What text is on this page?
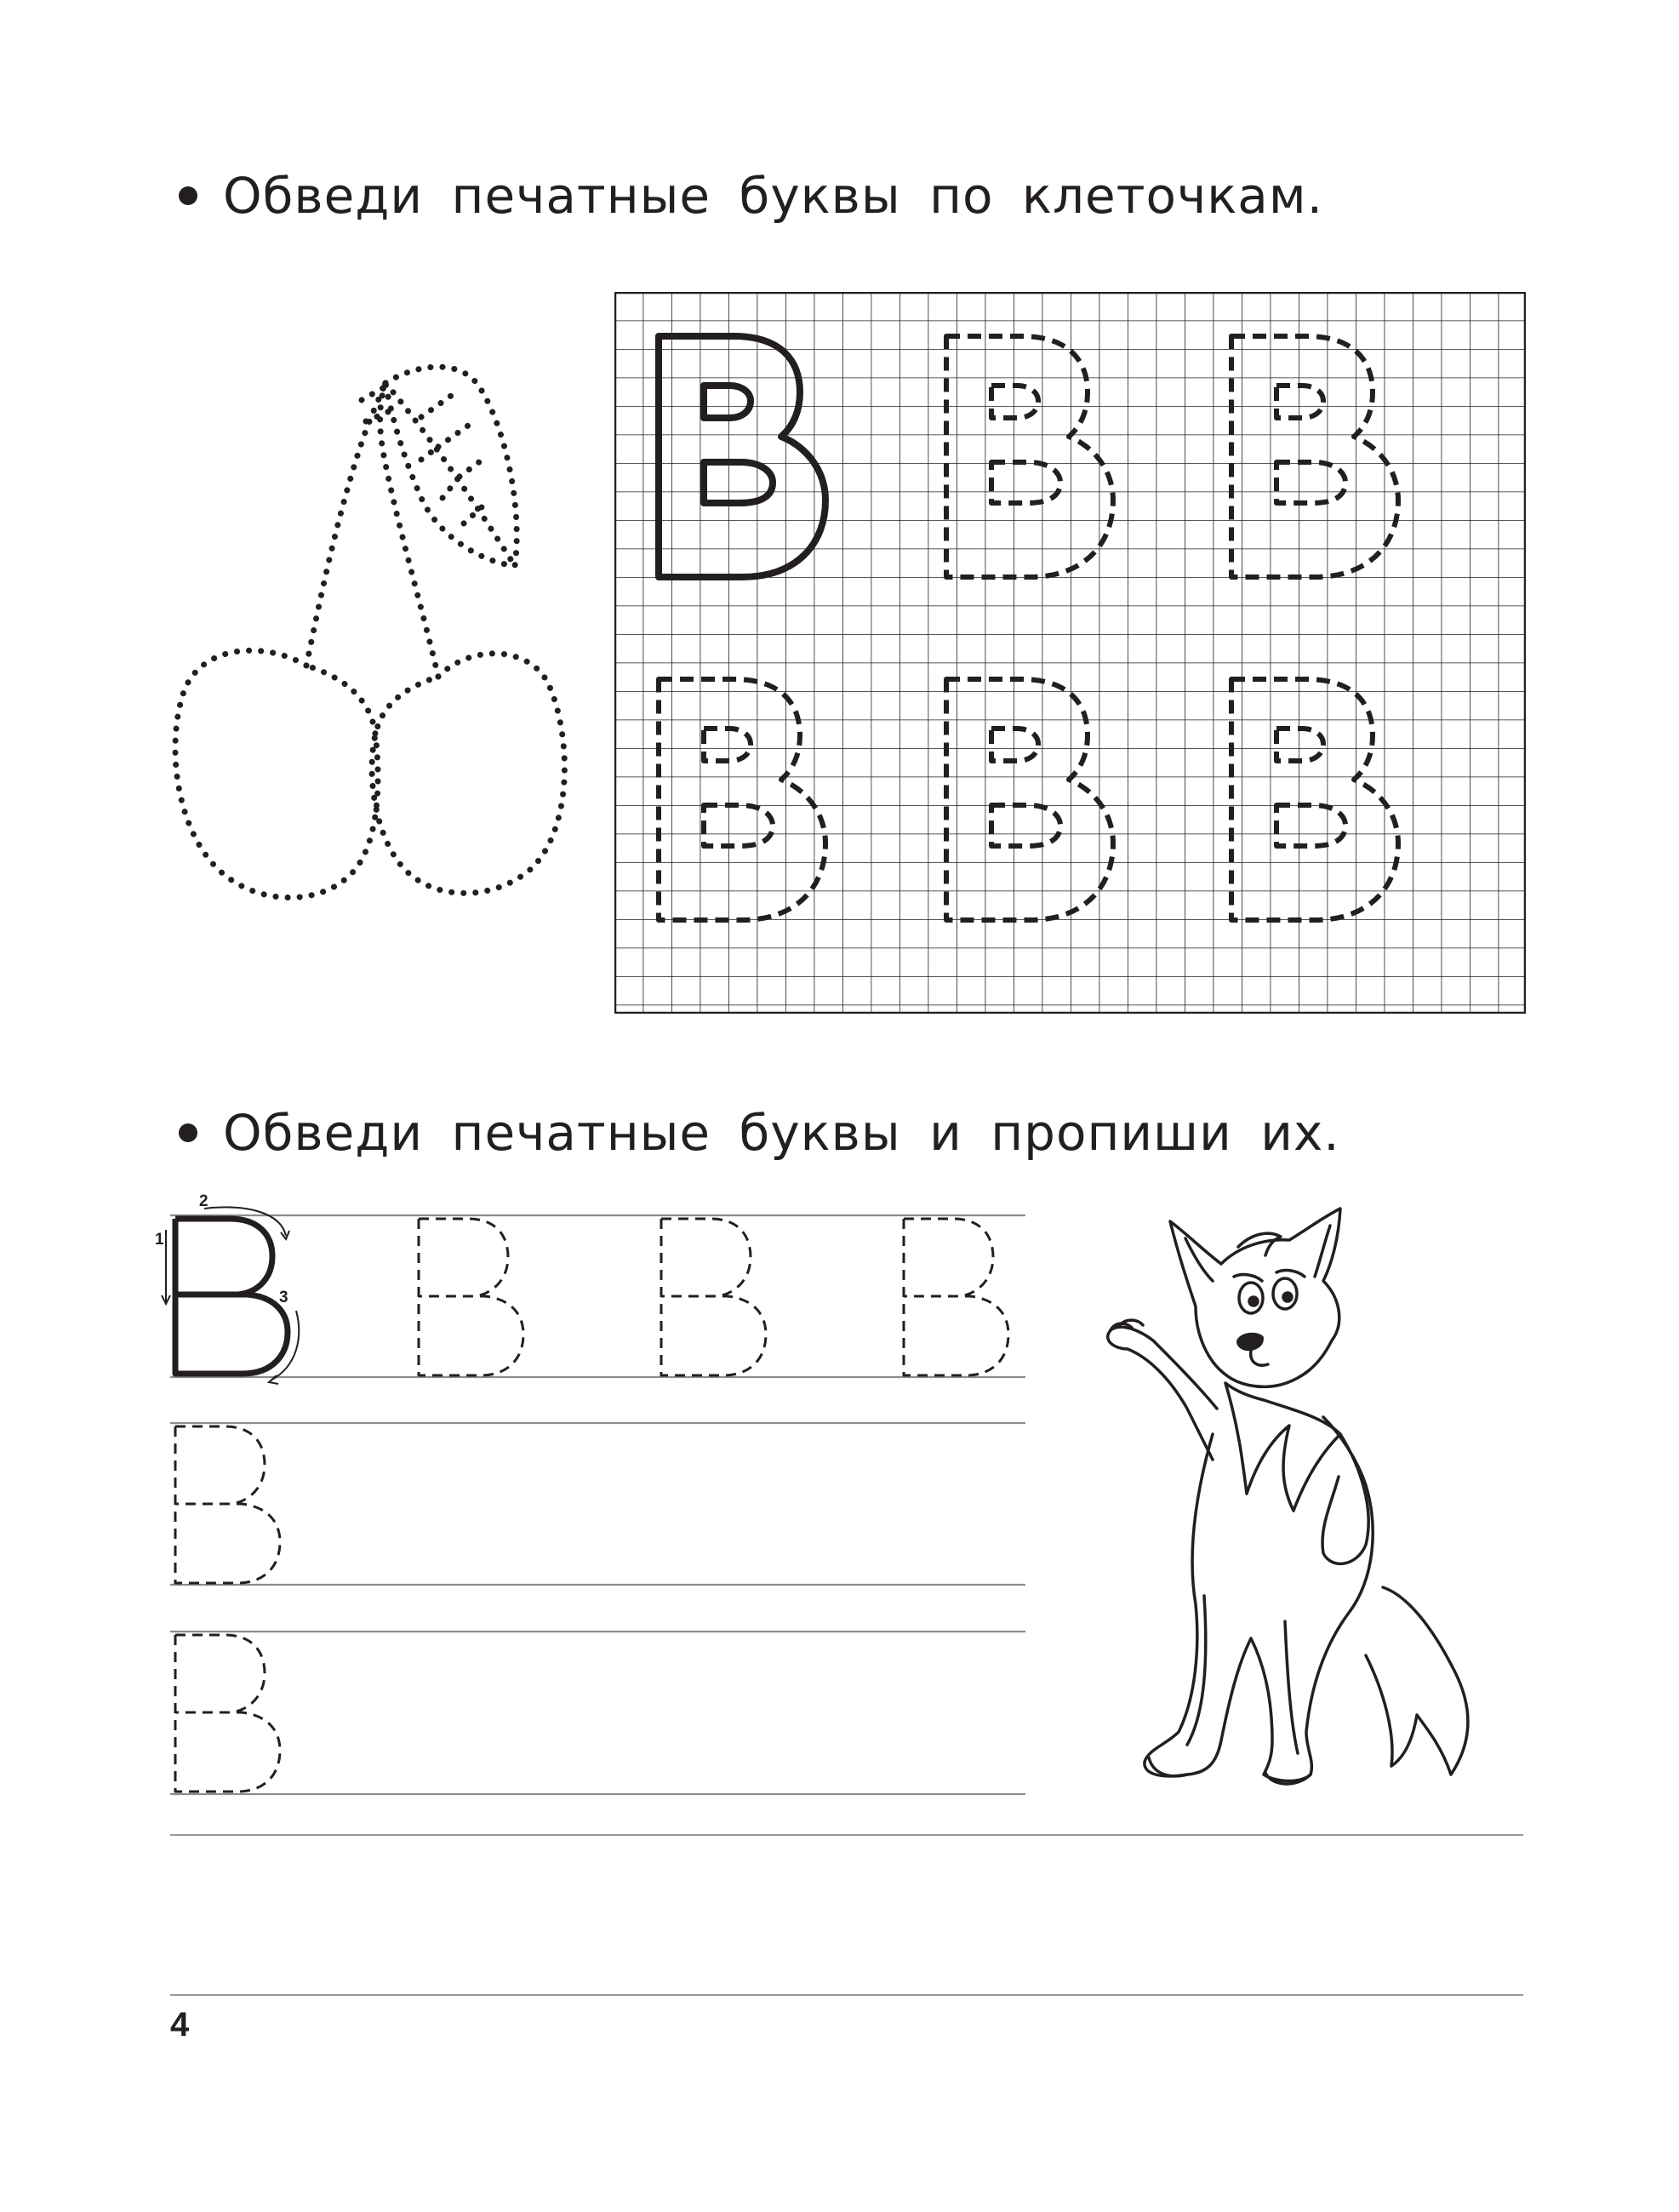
Обведи печатные буквы по клеточкам.
Обведи печатные буквы и пропиши их.
2
1
3
4
